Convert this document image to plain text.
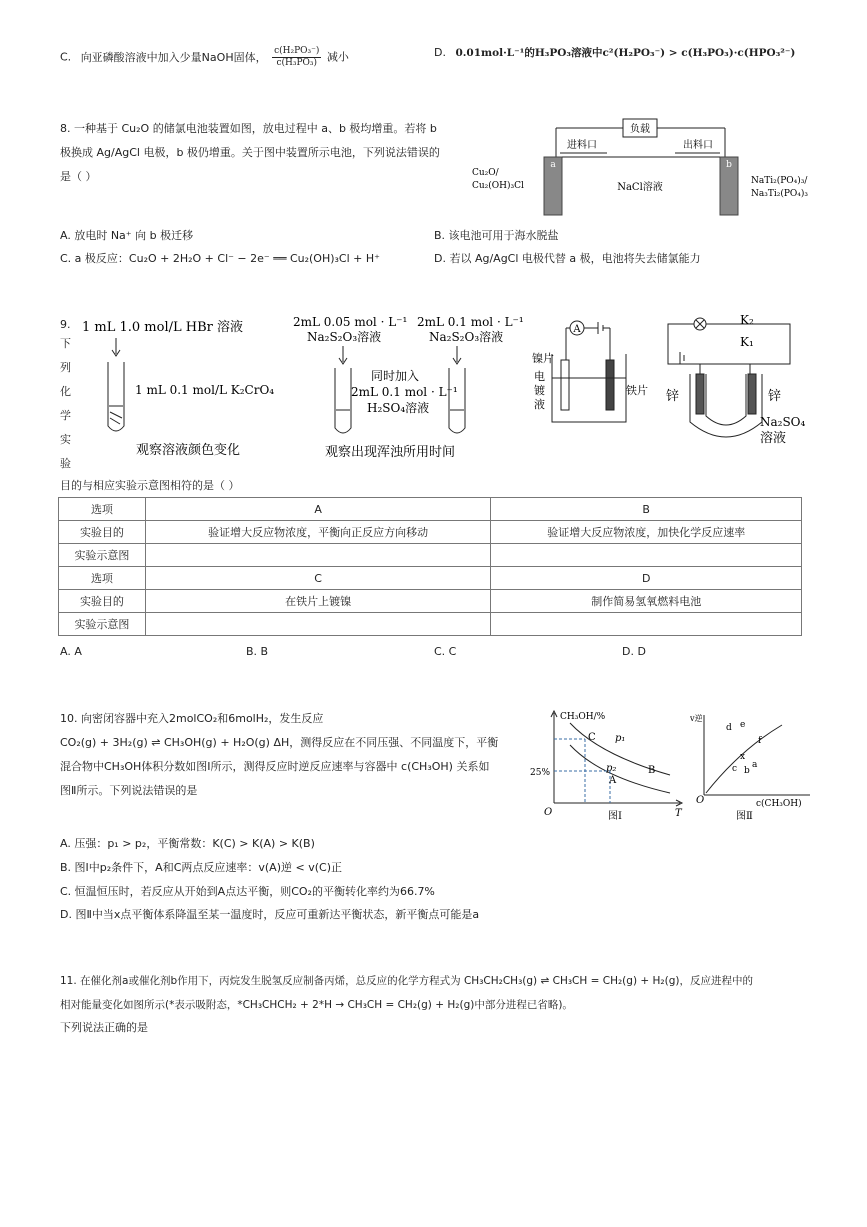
C. 向亚磷酸溶液中加入少量NaOH固体， $\frac{\text{c(H₂PO₃⁻)}}{\text{c(H₃PO₃)}}$ 减小	D. 0.01mol·L⁻¹的H₃PO₃溶液中c²(H₂PO₃⁻) > c(H₃PO₃)·c(HPO₃²⁻)
8. 一种基于 Cu₂O 的储氯电池装置如图，放电过程中 a、b 极均增重。若将 b
极换成 Ag/AgCl 电极，b 极仍增重。关于图中装置所示电池，下列说法错误的
是（ ）
负载
进料口	出料口
a	b
NaCl溶液
Cu₂O/
Cu₂(OH)₃Cl	NaTi₂(PO₄)₃/
Na₃Ti₂(PO₄)₃
A. 放电时 Na⁺ 向 b 极迁移	B. 该电池可用于海水脱盐
C. a 极反应：Cu₂O + 2H₂O + Cl⁻ − 2e⁻ ══ Cu₂(OH)₃Cl + H⁺	D. 若以 Ag/AgCl 电极代替 a 极，电池将失去储氯能力
9.
下
列
化
学
实
验
1 mL 1.0 mol/L HBr 溶液
1 mL 0.1 mol/L K₂CrO₄
观察溶液颜色变化
2mL 0.05 mol · L⁻¹
Na₂S₂O₃溶液
2mL 0.1 mol · L⁻¹
Na₂S₂O₃溶液
同时加入
2mL 0.1 mol · L⁻¹
H₂SO₄溶液
观察出现浑浊所用时间
A
镍片
电
镀
液
铁片
K₂
K₁
锌	锌
Na₂SO₄
溶液
目的与相应实验示意图相符的是（ ）
选项	A	B
实验目的	验证增大反应物浓度，平衡向正反应方向移动	验证增大反应物浓度，加快化学反应速率
实验示意图		
选项	C	D
实验目的	在铁片上镀镍	制作简易氢氧燃料电池
实验示意图		
A. A	B. B	C. C	D. D
10. 向密闭容器中充入2molCO₂和6molH₂，发生反应
CO₂(g) + 3H₂(g) ⇌ CH₃OH(g) + H₂O(g) ΔH，测得反应在不同压强、不同温度下，平衡
混合物中CH₃OH体积分数如图Ⅰ所示，测得反应时逆反应速率与容器中 c(CH₃OH) 关系如
图Ⅱ所示。下列说法错误的是
CH₃OH/%
p₁
p₂
C
B
A
25%
O	T
图Ⅰ
v逆
d e
f
x
c b
a
O	c(CH₃OH)
图Ⅱ
A. 压强：p₁ > p₂，平衡常数：K(C) > K(A) > K(B)
B. 图Ⅰ中p₂条件下，A和C两点反应速率：v(A)逆 < v(C)正
C. 恒温恒压时，若反应从开始到A点达平衡，则CO₂的平衡转化率约为66.7%
D. 图Ⅱ中当x点平衡体系降温至某一温度时，反应可重新达平衡状态，新平衡点可能是a
11. 在催化剂a或催化剂b作用下，丙烷发生脱氢反应制备丙烯，总反应的化学方程式为 CH₃CH₂CH₃(g) ⇌ CH₃CH = CH₂(g) + H₂(g)，反应进程中的
相对能量变化如图所示(*表示吸附态，*CH₃CHCH₂ + 2*H → CH₃CH = CH₂(g) + H₂(g)中部分进程已省略)。
下列说法正确的是
